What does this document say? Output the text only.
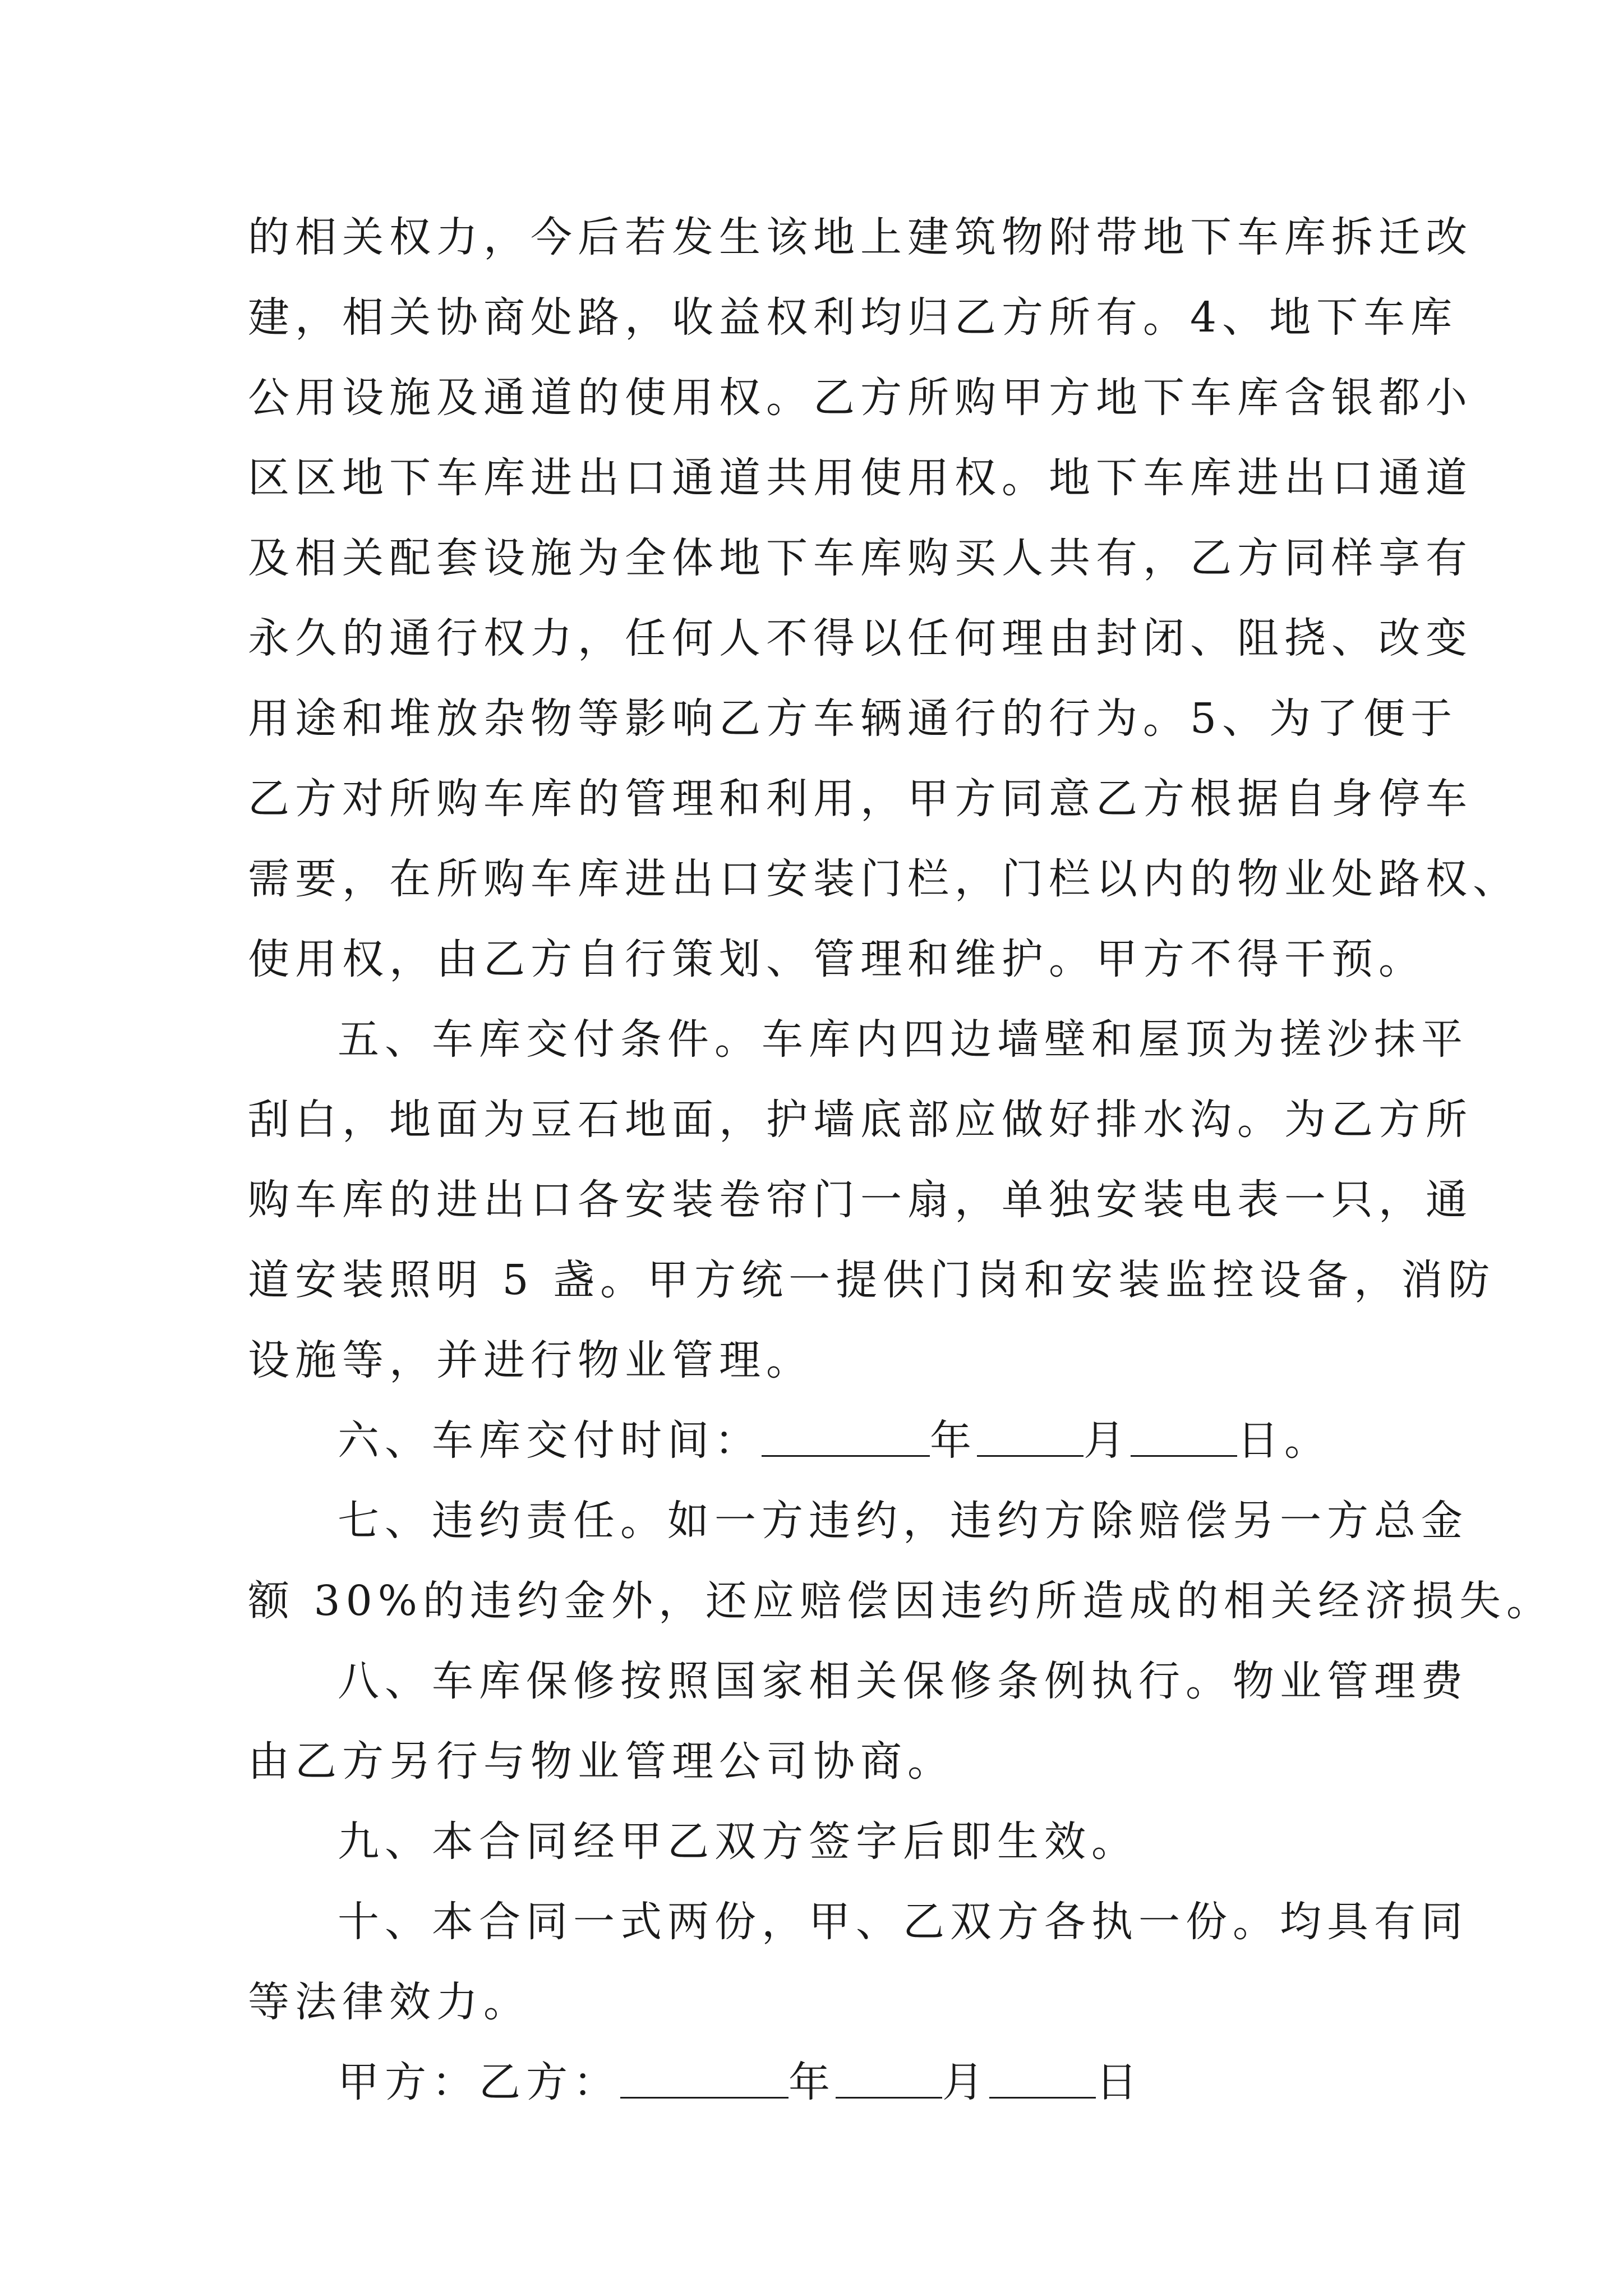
的相关权力，今后若发生该地上建筑物附带地下车库拆迁改
建，相关协商处路，收益权利均归乙方所有。4、地下车库
公用设施及通道的使用权。乙方所购甲方地下车库含银都小
区区地下车库进出口通道共用使用权。地下车库进出口通道
及相关配套设施为全体地下车库购买人共有，乙方同样享有
永久的通行权力，任何人不得以任何理由封闭、阻挠、改变
用途和堆放杂物等影响乙方车辆通行的行为。5、为了便于
乙方对所购车库的管理和利用，甲方同意乙方根据自身停车
需要，在所购车库进出口安装门栏，门栏以内的物业处路权、
使用权，由乙方自行策划、管理和维护。甲方不得干预。
五、车库交付条件。车库内四边墙壁和屋顶为搓沙抹平
刮白，地面为豆石地面，护墙底部应做好排水沟。为乙方所
购车库的进出口各安装卷帘门一扇，单独安装电表一只，通
道安装照明 5 盏。甲方统一提供门岗和安装监控设备，消防
设施等，并进行物业管理。
六、车库交付时间：	年	月	日。
七、违约责任。如一方违约，违约方除赔偿另一方总金
额 30%的违约金外，还应赔偿因违约所造成的相关经济损失。
八、车库保修按照国家相关保修条例执行。物业管理费
由乙方另行与物业管理公司协商。
九、本合同经甲乙双方签字后即生效。
十、本合同一式两份，甲、乙双方各执一份。均具有同
等法律效力。
甲方：乙方：	年	月	日
